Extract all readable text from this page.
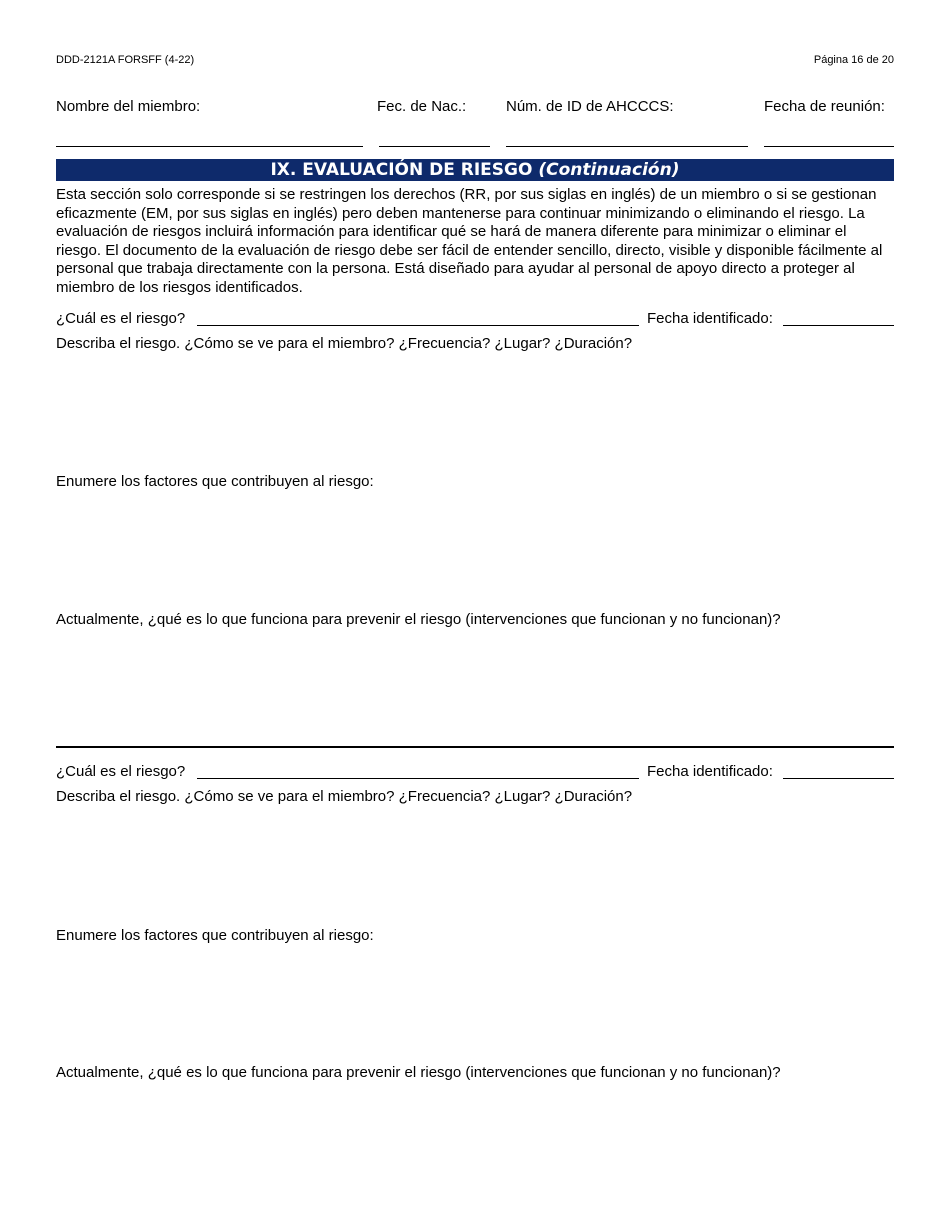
DDD-2121A FORSFF (4-22)	Página 16 de 20
Nombre del miembro:	Fec. de Nac.:	Núm. de ID de AHCCCS:	Fecha de reunión:
IX. EVALUACIÓN DE RIESGO (Continuación)

Esta sección solo corresponde si se restringen los derechos (RR, por sus siglas en inglés) de un miembro o si se gestionan eficazmente (EM, por sus siglas en inglés) pero deben mantenerse para continuar minimizando o eliminando el riesgo. La evaluación de riesgos incluirá información para identificar qué se hará de manera diferente para minimizar o eliminar el riesgo. El documento de la evaluación de riesgo debe ser fácil de entender sencillo, directo, visible y disponible fácilmente al personal que trabaja directamente con la persona. Está diseñado para ayudar al personal de apoyo directo a proteger al miembro de los riesgos identificados.

¿Cuál es el riesgo?	Fecha identificado:
Describa el riesgo. ¿Cómo se ve para el miembro? ¿Frecuencia? ¿Lugar? ¿Duración?
Enumere los factores que contribuyen al riesgo:
Actualmente, ¿qué es lo que funciona para prevenir el riesgo (intervenciones que funcionan y no funcionan)?
¿Cuál es el riesgo?	Fecha identificado:
Describa el riesgo. ¿Cómo se ve para el miembro? ¿Frecuencia? ¿Lugar? ¿Duración?
Enumere los factores que contribuyen al riesgo:
Actualmente, ¿qué es lo que funciona para prevenir el riesgo (intervenciones que funcionan y no funcionan)?
